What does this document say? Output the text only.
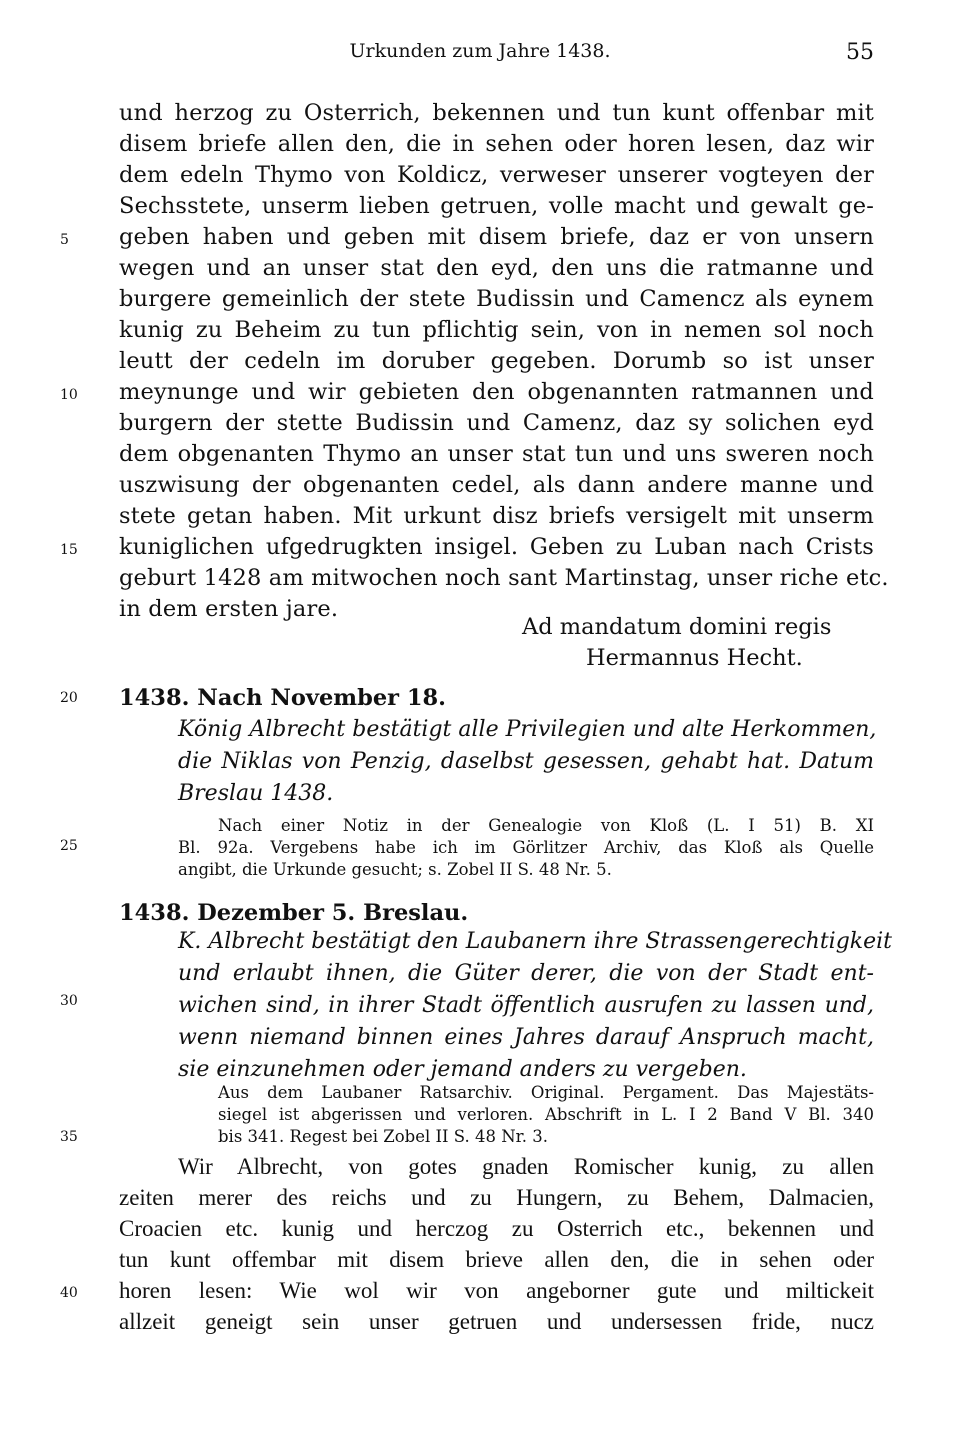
Urkunden zum Jahre 1438.	55
und herzog zu Osterrich, bekennen und tun kunt offenbar mit
disem briefe allen den, die in sehen oder horen lesen, daz wir
dem edeln Thymo von Koldicz, verweser unserer vogteyen der
Sechsstete, unserm lieben getruen, volle macht und gewalt ge-
geben haben und geben mit disem briefe, daz er von unsern
wegen und an unser stat den eyd, den uns die ratmanne und
burgere gemeinlich der stete Budissin und Camencz als eynem
kunig zu Beheim zu tun pflichtig sein, von in nemen sol noch
leutt der cedeln im doruber gegeben. Dorumb so ist unser
meynunge und wir gebieten den obgenannten ratmannen und
burgern der stette Budissin und Camenz, daz sy solichen eyd
dem obgenanten Thymo an unser stat tun und uns sweren noch
uszwisung der obgenanten cedel, als dann andere manne und
stete getan haben. Mit urkunt disz briefs versigelt mit unserm
kuniglichen ufgedrugkten insigel. Geben zu Luban nach Crists
geburt 1428 am mitwochen noch sant Martinstag, unser riche etc.
in dem ersten jare.
Ad mandatum domini regis
Hermannus Hecht.
1438. Nach November 18.
König Albrecht bestätigt alle Privilegien und alte Herkommen,
die Niklas von Penzig, daselbst gesessen, gehabt hat. Datum
Breslau 1438.
Nach einer Notiz in der Genealogie von Kloß (L. I 51) B. XI
Bl. 92a. Vergebens habe ich im Görlitzer Archiv, das Kloß als Quelle
angibt, die Urkunde gesucht; s. Zobel II S. 48 Nr. 5.
1438. Dezember 5. Breslau.
K. Albrecht bestätigt den Laubanern ihre Strassengerechtigkeit
und erlaubt ihnen, die Güter derer, die von der Stadt ent-
wichen sind, in ihrer Stadt öffentlich ausrufen zu lassen und,
wenn niemand binnen eines Jahres darauf Anspruch macht,
sie einzunehmen oder jemand anders zu vergeben.
Aus dem Laubaner Ratsarchiv. Original. Pergament. Das Majestäts-
siegel ist abgerissen und verloren. Abschrift in L. I 2 Band V Bl. 340
bis 341. Regest bei Zobel II S. 48 Nr. 3.
Wir Albrecht, von gotes gnaden Romischer kunig, zu allen
zeiten merer des reichs und zu Hungern, zu Behem, Dalmacien,
Croacien etc. kunig und herczog zu Osterrich etc., bekennen und
tun kunt offembar mit disem brieve allen den, die in sehen oder
horen lesen: Wie wol wir von angeborner gute und miltickeit
allzeit geneigt sein unser getruen und undersessen fride, nucz
5
10
15
20
25
30
35
40
